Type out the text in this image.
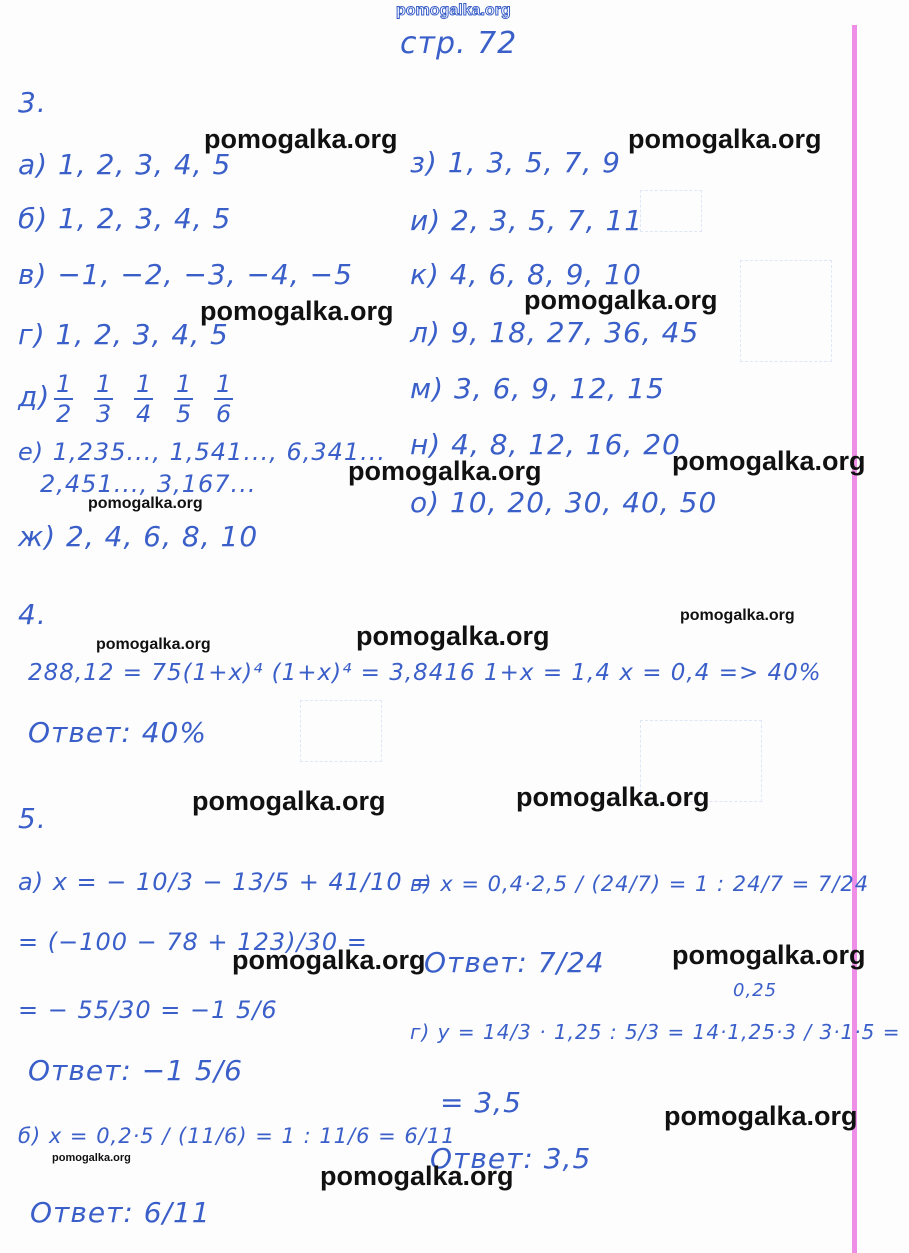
pomogalka.org
стр. 72
3.
а) 1, 2, 3, 4, 5
б) 1, 2, 3, 4, 5
в) −1, −2, −3, −4, −5
г) 1, 2, 3, 4, 5
$д) \frac{1}{2} \frac{1}{3} \frac{1}{4} \frac{1}{5} \frac{1}{6}$
е) 1,235..., 1,541..., 6,341...
2,451..., 3,167...
ж) 2, 4, 6, 8, 10
з) 1, 3, 5, 7, 9
и) 2, 3, 5, 7, 11
к) 4, 6, 8, 9, 10
л) 9, 18, 27, 36, 45
м) 3, 6, 9, 12, 15
н) 4, 8, 12, 16, 20
о) 10, 20, 30, 40, 50
4.
288,12 = 75(1+x)⁴ (1+x)⁴ = 3,8416 1+x = 1,4 x = 0,4 => 40%
Ответ: 40%
5.
а) x = − 10/3 − 13/5 + 41/10 =
= (−100 − 78 + 123)/30 =
= − 55/30 = −1 5/6
Ответ: −1 5/6
б) x = 0,2·5 / (11/6) = 1 : 11/6 = 6/11
Ответ: 6/11
в) x = 0,4·2,5 / (24/7) = 1 : 24/7 = 7/24
Ответ: 7/24
0,25
г) y = 14/3 · 1,25 : 5/3 = 14·1,25·3 / 3·1·5 =
= 3,5
Ответ: 3,5
pomogalka.org	pomogalka.org
pomogalka.org
pomogalka.org
pomogalka.org
pomogalka.org
pomogalka.org
pomogalka.org
pomogalka.org
pomogalka.org
pomogalka.org
pomogalka.org
pomogalka.org
pomogalka.org
pomogalka.org
pomogalka.org
pomogalka.org
